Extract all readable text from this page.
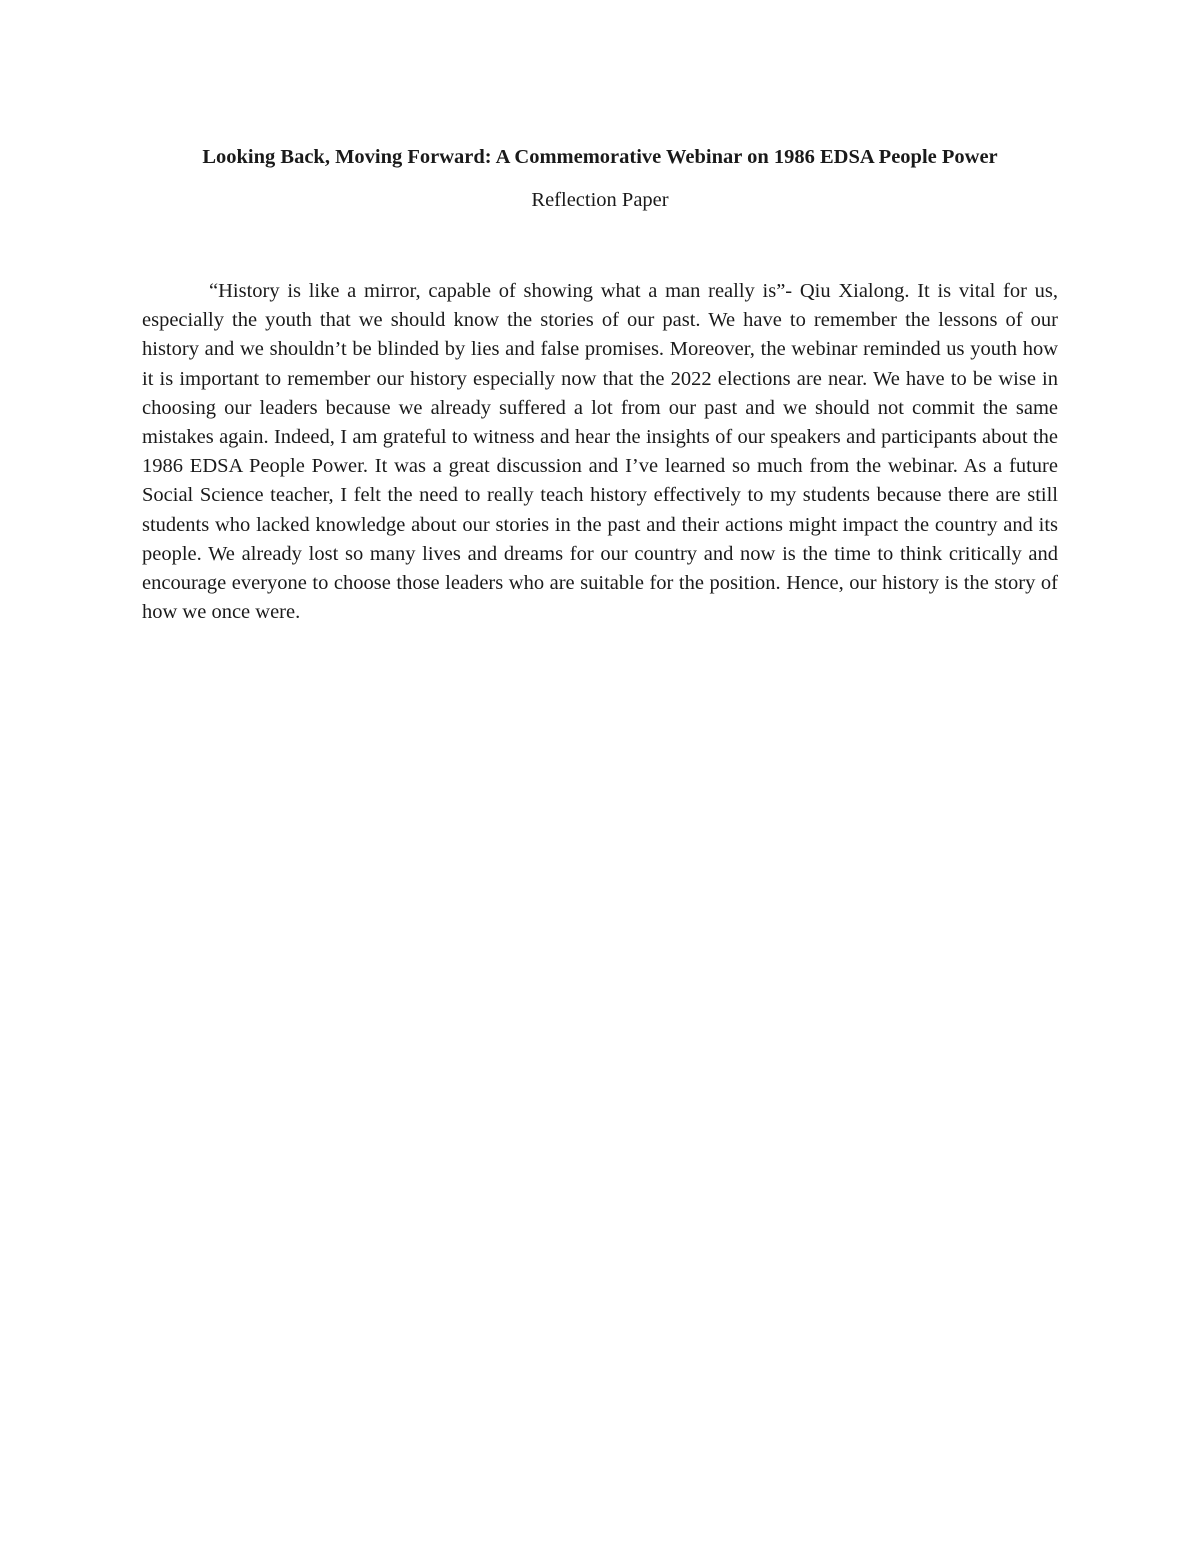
Looking Back, Moving Forward: A Commemorative Webinar on 1986 EDSA People Power

Reflection Paper

“History is like a mirror, capable of showing what a man really is”- Qiu Xialong. It is vital for us, especially the youth that we should know the stories of our past. We have to remember the lessons of our history and we shouldn’t be blinded by lies and false promises. Moreover, the webinar reminded us youth how it is important to remember our history especially now that the 2022 elections are near. We have to be wise in choosing our leaders because we already suffered a lot from our past and we should not commit the same mistakes again. Indeed, I am grateful to witness and hear the insights of our speakers and participants about the 1986 EDSA People Power. It was a great discussion and I’ve learned so much from the webinar. As a future Social Science teacher, I felt the need to really teach history effectively to my students because there are still students who lacked knowledge about our stories in the past and their actions might impact the country and its people. We already lost so many lives and dreams for our country and now is the time to think critically and encourage everyone to choose those leaders who are suitable for the position. Hence, our history is the story of how we once were.
